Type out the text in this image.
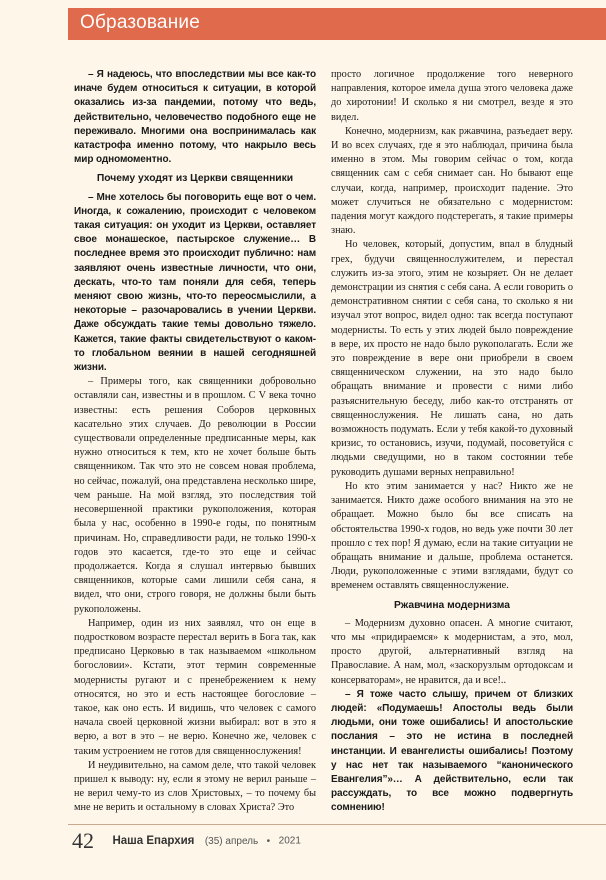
Образование

– Я надеюсь, что впоследствии мы все как-то иначе будем относиться к ситуации, в которой оказались из-за пандемии, потому что ведь, действительно, человечество подобного еще не переживало. Многими она воспринималась как катастрофа именно потому, что накрыло весь мир одномоментно.

Почему уходят из Церкви священники

– Мне хотелось бы поговорить еще вот о чем. Иногда, к сожалению, происходит с человеком такая ситуация: он уходит из Церкви, оставляет свое монашеское, пастырское служение… В последнее время это происходит публично: нам заявляют очень известные личности, что они, дескать, что-то там поняли для себя, теперь меняют свою жизнь, что-то переосмыслили, а некоторые – разочаровались в учении Церкви. Даже обсуждать такие темы довольно тяжело. Кажется, такие факты свидетельствуют о каком-то глобальном веянии в нашей сегодняшней жизни.

– Примеры того, как священники добровольно оставляли сан, известны и в прошлом. С V века точно известны: есть решения Соборов церковных касательно этих случаев. До революции в России существовали определенные предписанные меры, как нужно относиться к тем, кто не хочет больше быть священником. Так что это не совсем новая проблема, но сейчас, пожалуй, она представлена несколько шире, чем раньше. На мой взгляд, это последствия той несовершенной практики рукоположения, которая была у нас, особенно в 1990-е годы, по понятным причинам. Но, справедливости ради, не только 1990-х годов это касается, где-то это еще и сейчас продолжается. Когда я слушал интервью бывших священников, которые сами лишили себя сана, я видел, что они, строго говоря, не должны были быть рукоположены.

Например, один из них заявлял, что он еще в подростковом возрасте перестал верить в Бога так, как предписано Церковью в так называемом «школьном богословии». Кстати, этот термин современные модернисты ругают и с пренебрежением к нему относятся, но это и есть настоящее богословие – такое, как оно есть. И видишь, что человек с самого начала своей церковной жизни выбирал: вот в это я верю, а вот в это – не верю. Конечно же, человек с таким устроением не готов для священнослужения!

И неудивительно, на самом деле, что такой человек пришел к выводу: ну, если я этому не верил раньше – не верил чему-то из слов Христовых, – то почему бы мне не верить и остальному в словах Христа? Это

просто логичное продолжение того неверного направления, которое имела душа этого человека даже до хиротонии! И сколько я ни смотрел, везде я это видел.

Конечно, модернизм, как ржавчина, разъедает веру. И во всех случаях, где я это наблюдал, причина была именно в этом. Мы говорим сейчас о том, когда священник сам с себя снимает сан. Но бывают еще случаи, когда, например, происходит падение. Это может случиться не обязательно с модернистом: падения могут каждого подстерегать, я такие примеры знаю.

Но человек, который, допустим, впал в блудный грех, будучи священнослужителем, и перестал служить из-за этого, этим не козыряет. Он не делает демонстрации из снятия с себя сана. А если говорить о демонстративном снятии с себя сана, то сколько я ни изучал этот вопрос, видел одно: так всегда поступают модернисты. То есть у этих людей было повреждение в вере, их просто не надо было рукополагать. Если же это повреждение в вере они приобрели в своем священническом служении, на это надо было обращать внимание и провести с ними либо разъяснительную беседу, либо как-то отстранять от священнослужения. Не лишать сана, но дать возможность подумать. Если у тебя какой-то духовный кризис, то остановись, изучи, подумай, посоветуйся с людьми сведущими, но в таком состоянии тебе руководить душами верных неправильно!

Но кто этим занимается у нас? Никто же не занимается. Никто даже особого внимания на это не обращает. Можно было бы все списать на обстоятельства 1990-х годов, но ведь уже почти 30 лет прошло с тех пор! Я думаю, если на такие ситуации не обращать внимание и дальше, проблема останется. Люди, рукоположенные с этими взглядами, будут со временем оставлять священнослужение.

Ржавчина модернизма

– Модернизм духовно опасен. А многие считают, что мы «придираемся» к модернистам, а это, мол, просто другой, альтернативный взгляд на Православие. А нам, мол, «заскорузлым ортодоксам и консерваторам», не нравится, да и все!..

– Я тоже часто слышу, причем от близких людей: «Подумаешь! Апостолы ведь были людьми, они тоже ошибались! И апостольские послания – это не истина в последней инстанции. И евангелисты ошибались! Поэтому у нас нет так называемого “канонического Евангелия”»… А действительно, если так рассуждать, то все можно подвергнуть сомнению!

42 Наша Епархия (35) апрель • 2021
